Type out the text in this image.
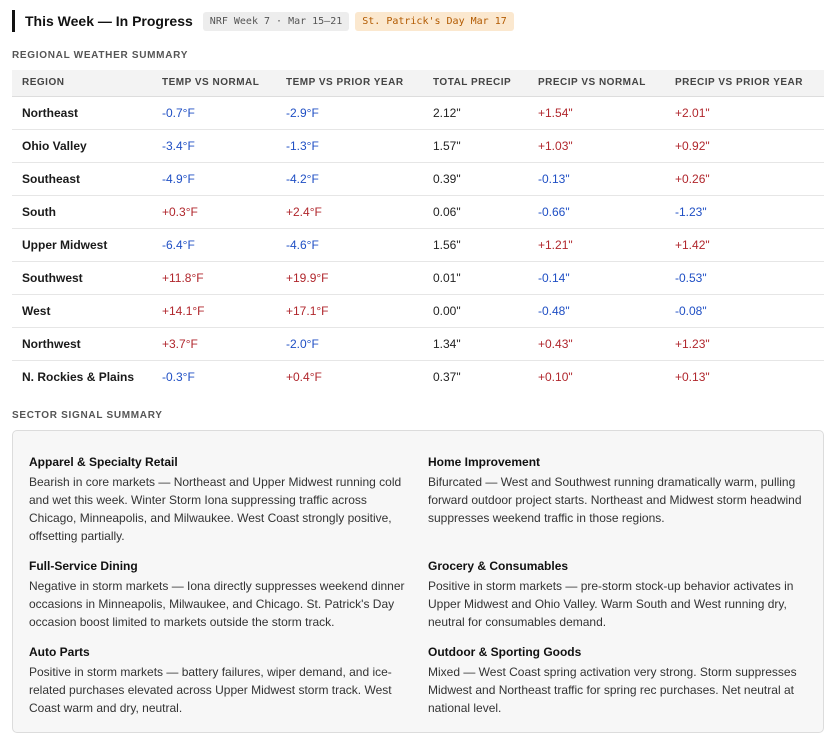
This Week — In Progress	NRF Week 7 · Mar 15–21	St. Patrick's Day Mar 17
REGIONAL WEATHER SUMMARY
REGION	TEMP VS NORMAL	TEMP VS PRIOR YEAR	TOTAL PRECIP	PRECIP VS NORMAL	PRECIP VS PRIOR YEAR
Northeast	-0.7°F	-2.9°F	2.12"	+1.54"	+2.01"
Ohio Valley	-3.4°F	-1.3°F	1.57"	+1.03"	+0.92"
Southeast	-4.9°F	-4.2°F	0.39"	-0.13"	+0.26"
South	+0.3°F	+2.4°F	0.06"	-0.66"	-1.23"
Upper Midwest	-6.4°F	-4.6°F	1.56"	+1.21"	+1.42"
Southwest	+11.8°F	+19.9°F	0.01"	-0.14"	-0.53"
West	+14.1°F	+17.1°F	0.00"	-0.48"	-0.08"
Northwest	+3.7°F	-2.0°F	1.34"	+0.43"	+1.23"
N. Rockies & Plains	-0.3°F	+0.4°F	0.37"	+0.10"	+0.13"
SECTOR SIGNAL SUMMARY
Apparel & Specialty Retail
Bearish in core markets — Northeast and Upper Midwest running cold and wet this week. Winter Storm Iona suppressing traffic across Chicago, Minneapolis, and Milwaukee. West Coast strongly positive, offsetting partially.
Home Improvement
Bifurcated — West and Southwest running dramatically warm, pulling forward outdoor project starts. Northeast and Midwest storm headwind suppresses weekend traffic in those regions.
Full-Service Dining
Negative in storm markets — Iona directly suppresses weekend dinner occasions in Minneapolis, Milwaukee, and Chicago. St. Patrick's Day occasion boost limited to markets outside the storm track.
Grocery & Consumables
Positive in storm markets — pre-storm stock-up behavior activates in Upper Midwest and Ohio Valley. Warm South and West running dry, neutral for consumables demand.
Auto Parts
Positive in storm markets — battery failures, wiper demand, and ice-related purchases elevated across Upper Midwest storm track. West Coast warm and dry, neutral.
Outdoor & Sporting Goods
Mixed — West Coast spring activation very strong. Storm suppresses Midwest and Northeast traffic for spring rec purchases. Net neutral at national level.
